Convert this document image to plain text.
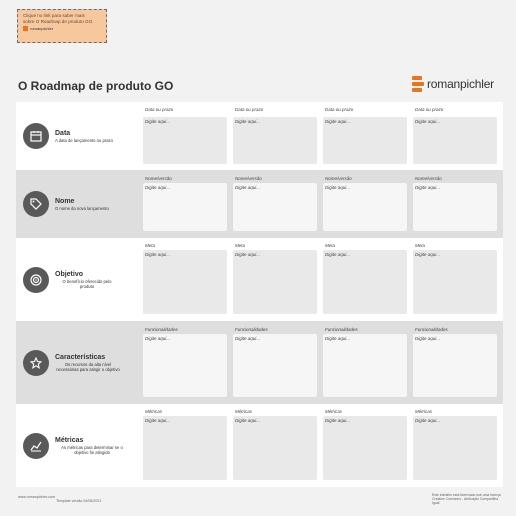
Clique no link para saber mais sobre O Roadmap de produto GO.
romanpichler
O Roadmap de produto GO	romanpichler
Data
A data de lançamento ou prazo
Data ou prazo
Digite aqui...
Data ou prazo
Digite aqui...
Data ou prazo
Digite aqui...
Data ou prazo
Digite aqui...
Nome
O nome da nova lançamento
Nome/versão
Digite aqui...
Nome/versão
Digite aqui...
Nome/versão
Digite aqui...
Nome/versão
Digite aqui...
Objetivo
O benefício oferecido pelo produto
Meta
Digite aqui...
Meta
Digite aqui...
Meta
Digite aqui...
Meta
Digite aqui...
Características
Os recursos da alta nível necessárias para atingir o objetivo
Funcionalidades
Digite aqui...
Funcionalidades
Digite aqui...
Funcionalidades
Digite aqui...
Funcionalidades
Digite aqui...
Métricas
As métricas para determinar se o objetivo foi atingido
Métricas
Digite aqui...
Métricas
Digite aqui...
Métricas
Digite aqui...
Métricas
Digite aqui...
www.romanpichler.com
Template versão 04/05/2021
Este trabalho está licenciado sob uma licença Creative Commons - Atribuição Compartilha Igual
